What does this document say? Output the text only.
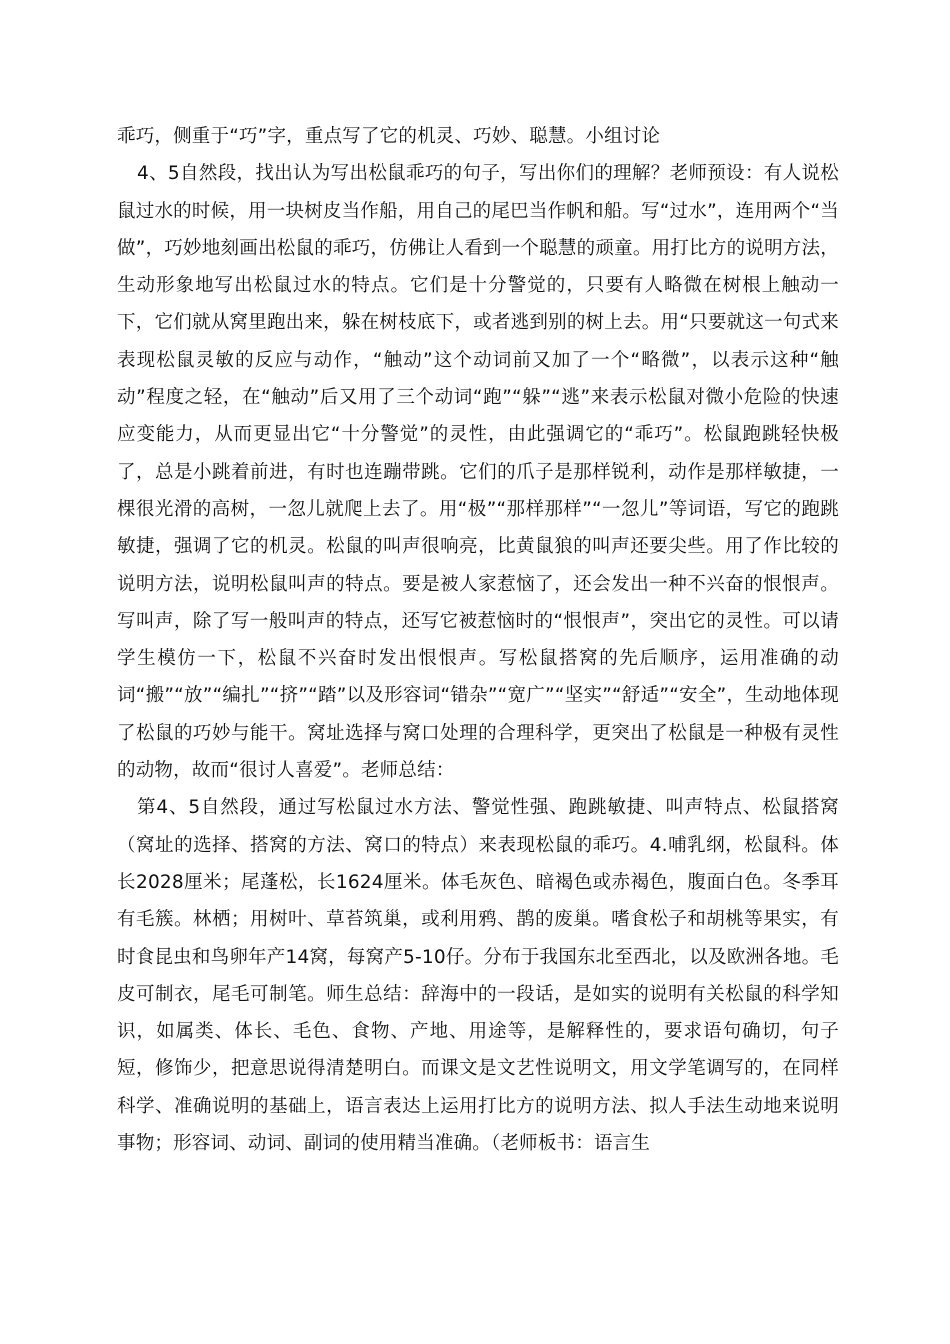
乖巧，侧重于“巧”字，重点写了它的机灵、巧妙、聪慧。小组讨论

4、5自然段，找出认为写出松鼠乖巧的句子，写出你们的理解？老师预设：有人说松鼠过水的时候，用一块树皮当作船，用自己的尾巴当作帆和船。写“过水”，连用两个“当做”，巧妙地刻画出松鼠的乖巧，仿佛让人看到一个聪慧的顽童。用打比方的说明方法，生动形象地写出松鼠过水的特点。它们是十分警觉的，只要有人略微在树根上触动一下，它们就从窝里跑出来，躲在树枝底下，或者逃到别的树上去。用“只要就这一句式来表现松鼠灵敏的反应与动作，“触动”这个动词前又加了一个“略微”，以表示这种“触动”程度之轻，在“触动”后又用了三个动词“跑”“躲”“逃”来表示松鼠对微小危险的快速应变能力，从而更显出它“十分警觉”的灵性，由此强调它的“乖巧”。松鼠跑跳轻快极了，总是小跳着前进，有时也连蹦带跳。它们的爪子是那样锐利，动作是那样敏捷，一棵很光滑的高树，一忽儿就爬上去了。用“极”“那样那样”“一忽儿”等词语，写它的跑跳敏捷，强调了它的机灵。松鼠的叫声很响亮，比黄鼠狼的叫声还要尖些。用了作比较的说明方法，说明松鼠叫声的特点。要是被人家惹恼了，还会发出一种不兴奋的恨恨声。写叫声，除了写一般叫声的特点，还写它被惹恼时的“恨恨声”，突出它的灵性。可以请学生模仿一下，松鼠不兴奋时发出恨恨声。写松鼠搭窝的先后顺序，运用准确的动词“搬”“放”“编扎”“挤”“踏”以及形容词“错杂”“宽广”“坚实”“舒适”“安全”，生动地体现了松鼠的巧妙与能干。窝址选择与窝口处理的合理科学，更突出了松鼠是一种极有灵性的动物，故而“很讨人喜爱”。老师总结：

第4、5自然段，通过写松鼠过水方法、警觉性强、跑跳敏捷、叫声特点、松鼠搭窝（窝址的选择、搭窝的方法、窝口的特点）来表现松鼠的乖巧。4.哺乳纲，松鼠科。体长2028厘米；尾蓬松，长1624厘米。体毛灰色、暗褐色或赤褐色，腹面白色。冬季耳有毛簇。林栖；用树叶、草苔筑巢，或利用鸦、鹊的废巢。嗜食松子和胡桃等果实，有时食昆虫和鸟卵年产14窝，每窝产5-10仔。分布于我国东北至西北，以及欧洲各地。毛皮可制衣，尾毛可制笔。师生总结：辞海中的一段话，是如实的说明有关松鼠的科学知识，如属类、体长、毛色、食物、产地、用途等，是解释性的，要求语句确切，句子短，修饰少，把意思说得清楚明白。而课文是文艺性说明文，用文学笔调写的，在同样科学、准确说明的基础上，语言表达上运用打比方的说明方法、拟人手法生动地来说明事物；形容词、动词、副词的使用精当准确。（老师板书：语言生
